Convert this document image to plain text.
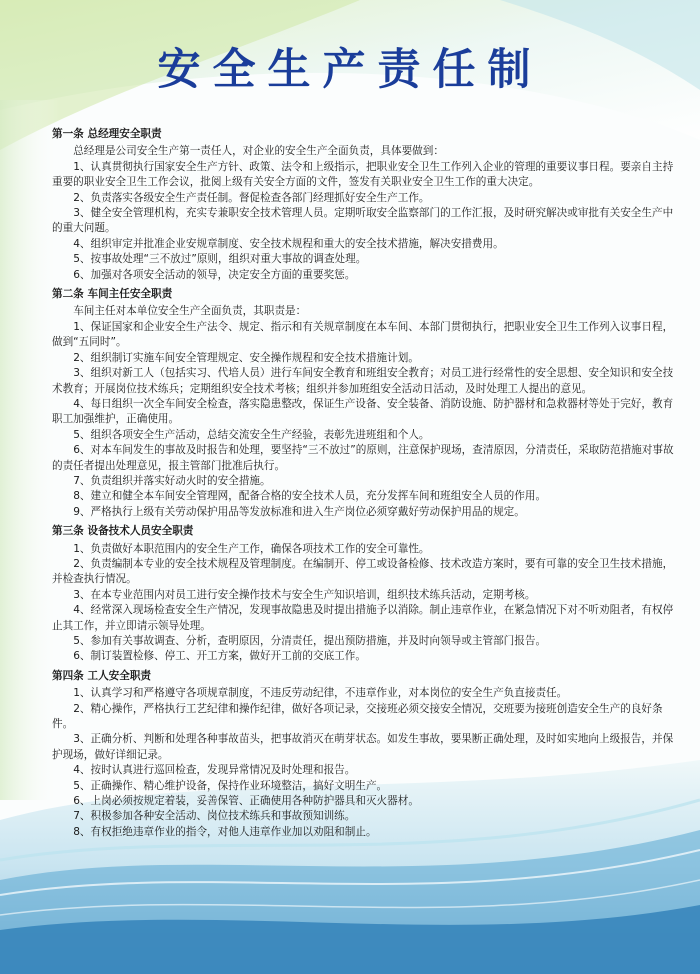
安全生产责任制
第一条 总经理安全职责
总经理是公司安全生产第一责任人，对企业的安全生产全面负责，具体要做到：
1、认真贯彻执行国家安全生产方针、政策、法令和上级指示，把职业安全卫生工作列入企业的管理的重要议事日程。要亲自主持重要的职业安全卫生工作会议，批阅上级有关安全方面的文件，签发有关职业安全卫生工作的重大决定。
2、负责落实各级安全生产责任制。督促检查各部门经理抓好安全生产工作。
3、健全安全管理机构，充实专兼职安全技术管理人员。定期听取安全监察部门的工作汇报，及时研究解决或审批有关安全生产中的重大问题。
4、组织审定并批准企业安规章制度、安全技术规程和重大的安全技术措施，解决安措费用。
5、按事故处理“三不放过”原则，组织对重大事故的调查处理。
6、加强对各项安全活动的领导，决定安全方面的重要奖惩。
第二条 车间主任安全职责
车间主任对本单位安全生产全面负责，其职责是：
1、保证国家和企业安全生产法令、规定、指示和有关规章制度在本车间、本部门贯彻执行，把职业安全卫生工作列入议事日程，做到“五同时”。
2、组织制订实施车间安全管理规定、安全操作规程和安全技术措施计划。
3、组织对新工人（包括实习、代培人员）进行车间安全教育和班组安全教育；对员工进行经常性的安全思想、安全知识和安全技术教育；开展岗位技术练兵；定期组织安全技术考核；组织并参加班组安全活动日活动，及时处理工人提出的意见。
4、每日组织一次全车间安全检查，落实隐患整改，保证生产设备、安全装备、消防设施、防护器材和急救器材等处于完好，教育职工加强维护，正确使用。
5、组织各项安全生产活动，总结交流安全生产经验，表彰先进班组和个人。
6、对本车间发生的事故及时报告和处理，要坚持“三不放过”的原则，注意保护现场，查清原因，分清责任，采取防范措施对事故的责任者提出处理意见，报主管部门批准后执行。
7、负责组织并落实好动火时的安全措施。
8、建立和健全本车间安全管理网，配备合格的安全技术人员，充分发挥车间和班组安全人员的作用。
9、严格执行上级有关劳动保护用品等发放标准和进入生产岗位必须穿戴好劳动保护用品的规定。
第三条 设备技术人员安全职责
1、负责做好本职范围内的安全生产工作，确保各项技术工作的安全可靠性。
2、负责编制本专业的安全技术规程及管理制度。在编制开、停工或设备检修、技术改造方案时，要有可靠的安全卫生技术措施，并检查执行情况。
3、在本专业范围内对员工进行安全操作技术与安全生产知识培训，组织技术练兵活动，定期考核。
4、经常深入现场检查安全生产情况，发现事故隐患及时提出措施予以消除。制止违章作业，在紧急情况下对不听劝阻者，有权停止其工作，并立即请示领导处理。
5、参加有关事故调查、分析，查明原因，分清责任，提出预防措施，并及时向领导或主管部门报告。
6、制订装置检修、停工、开工方案，做好开工前的交底工作。
第四条 工人安全职责
1、认真学习和严格遵守各项规章制度，不违反劳动纪律，不违章作业，对本岗位的安全生产负直接责任。
2、精心操作，严格执行工艺纪律和操作纪律，做好各项记录，交接班必须交接安全情况，交班要为接班创造安全生产的良好条件。
3、正确分析、判断和处理各种事故苗头，把事故消灭在萌芽状态。如发生事故，要果断正确处理，及时如实地向上级报告，并保护现场，做好详细记录。
4、按时认真进行巡回检查，发现异常情况及时处理和报告。
5、正确操作、精心维护设备，保持作业环境整洁，搞好文明生产。
6、上岗必须按规定着装，妥善保管、正确使用各种防护器具和灭火器材。
7、积极参加各种安全活动、岗位技术练兵和事故预知训练。
8、有权拒绝违章作业的指令，对他人违章作业加以劝阻和制止。
